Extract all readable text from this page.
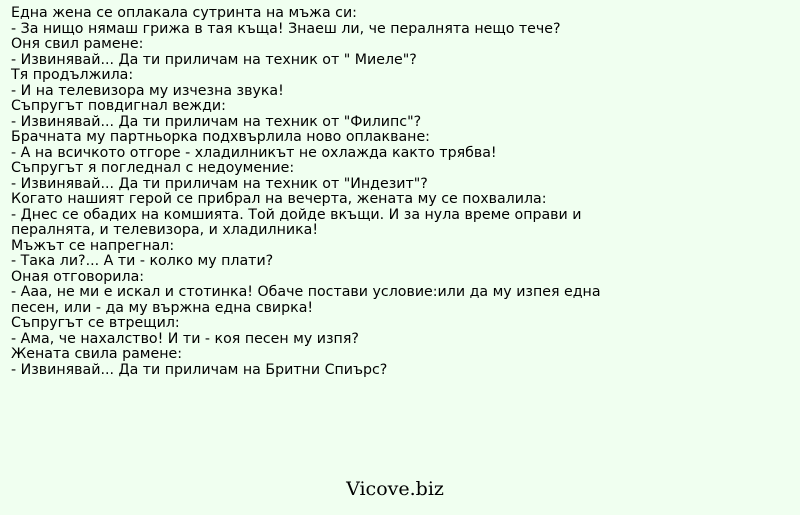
Една жена се оплакала сутринта на мъжа си:
- За нищо нямаш грижа в тая къща! Знаеш ли, че пералнята нещо тече?
Оня свил рамене:
- Извинявай... Да ти приличам на техник от " Миеле"?
Тя продължила:
- И на телевизора му изчезна звука!
Съпругът повдигнал вежди:
- Извинявай... Да ти приличам на техник от "Филипс"?
Брачната му партньорка подхвърлила ново оплакване:
- А на всичкото отгоре - хладилникът не охлажда както трябва!
Съпругът я погледнал с недоумение:
- Извинявай... Да ти приличам на техник от "Индезит"?
Когато нашият герой се прибрал на вечерта, жената му се похвалила:
- Днес се обадих на комшията. Той дойде вкъщи. И за нула време оправи и
пералнята, и телевизора, и хладилника!
Мъжът се напрегнал:
- Така ли?... А ти - колко му плати?
Оная отговорила:
- Ааа, не ми е искал и стотинка! Обаче постави условие:или да му изпея една
песен, или - да му вържна една свирка!
Съпругът се втрещил:
- Ама, че нахалство! И ти - коя песен му изпя?
Жената свила рамене:
- Извинявай... Да ти приличам на Бритни Спиърс?
Vicove.biz
